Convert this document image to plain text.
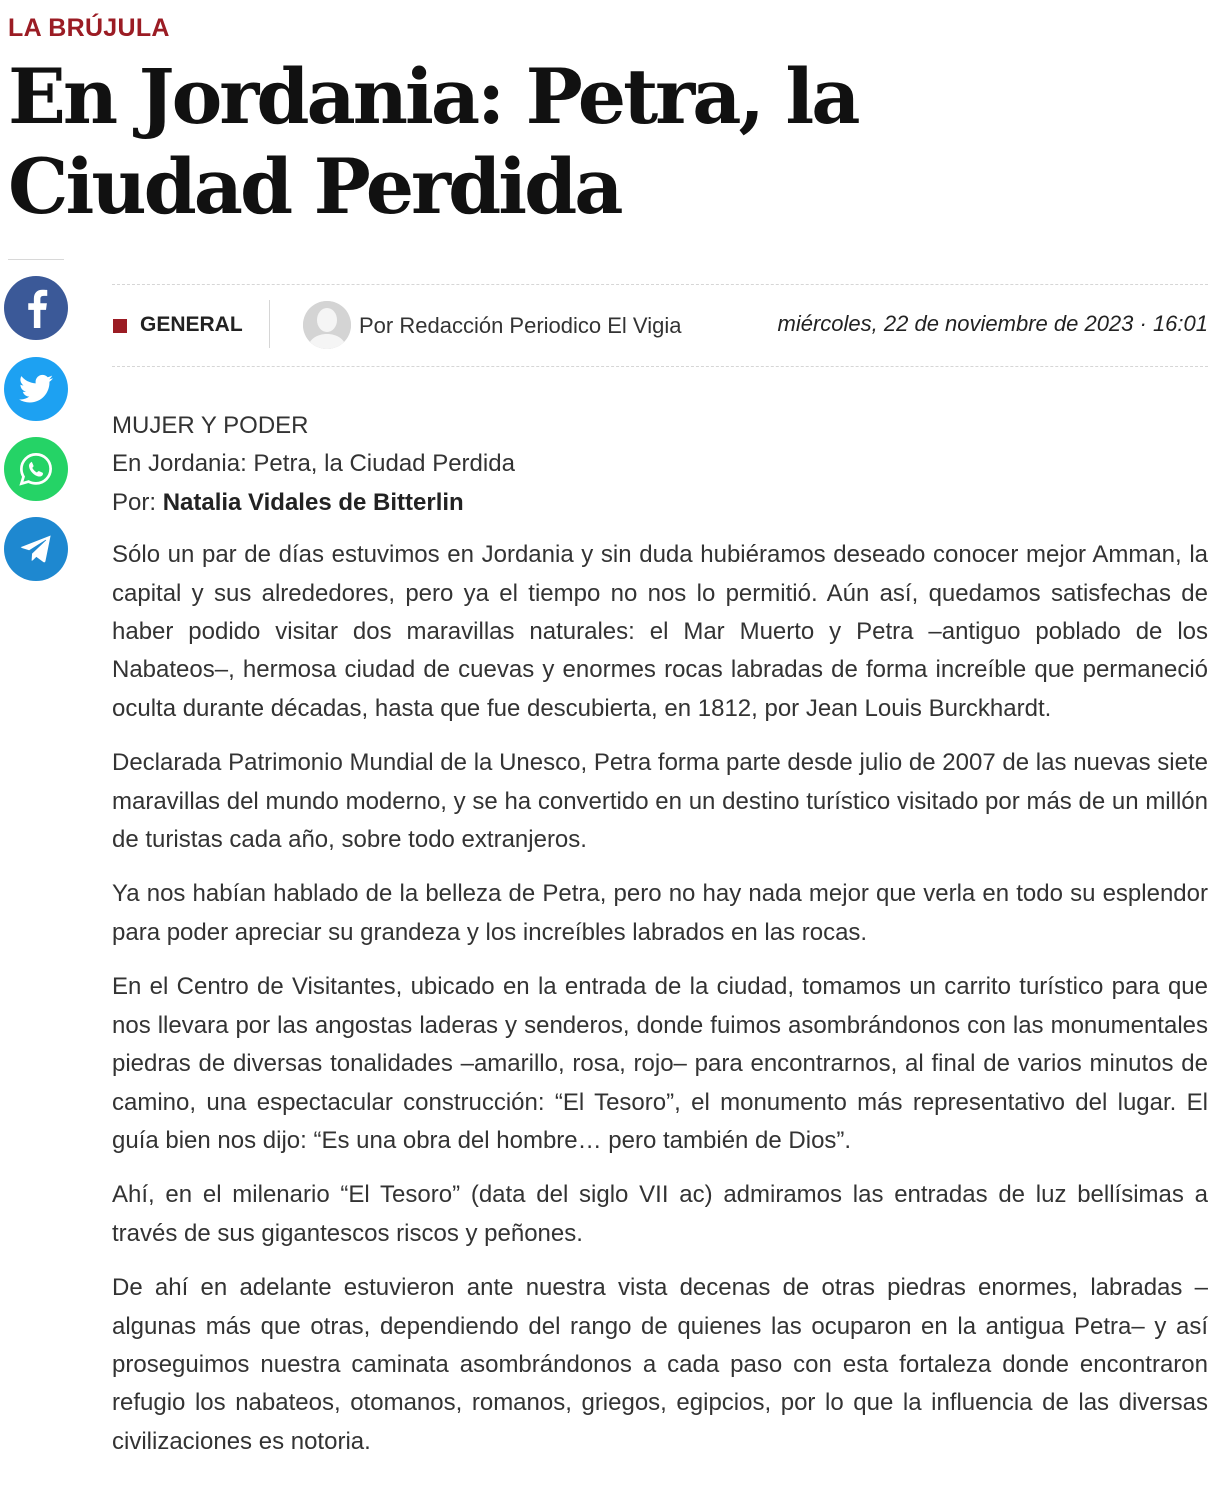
LA BRÚJULA
En Jordania: Petra, la Ciudad Perdida
GENERAL	Por Redacción Periodico El Vigia	miércoles, 22 de noviembre de 2023 · 16:01

MUJER Y PODER

En Jordania: Petra, la Ciudad Perdida

Por: Natalia Vidales de Bitterlin

Sólo un par de días estuvimos en Jordania y sin duda hubiéramos deseado conocer mejor Amman, la capital y sus alrededores, pero ya el tiempo no nos lo permitió. Aún así, quedamos satisfechas de haber podido visitar dos maravillas naturales: el Mar Muerto y Petra –antiguo poblado de los Nabateos–, hermosa ciudad de cuevas y enormes rocas labradas de forma increíble que permaneció oculta durante décadas, hasta que fue descubierta, en 1812, por Jean Louis Burckhardt.

Declarada Patrimonio Mundial de la Unesco, Petra forma parte desde julio de 2007 de las nuevas siete maravillas del mundo moderno, y se ha convertido en un destino turístico visitado por más de un millón de turistas cada año, sobre todo extranjeros.

Ya nos habían hablado de la belleza de Petra, pero no hay nada mejor que verla en todo su esplendor para poder apreciar su grandeza y los increíbles labrados en las rocas.

En el Centro de Visitantes, ubicado en la entrada de la ciudad, tomamos un carrito turístico para que nos llevara por las angostas laderas y senderos, donde fuimos asombrándonos con las monumentales piedras de diversas tonalidades –amarillo, rosa, rojo– para encontrarnos, al final de varios minutos de camino, una espectacular construcción: “El Tesoro”, el monumento más representativo del lugar. El guía bien nos dijo: “Es una obra del hombre… pero también de Dios”.

Ahí, en el milenario “El Tesoro” (data del siglo VII ac) admiramos las entradas de luz bellísimas a través de sus gigantescos riscos y peñones.

De ahí en adelante estuvieron ante nuestra vista decenas de otras piedras enormes, labradas –algunas más que otras, dependiendo del rango de quienes las ocuparon en la antigua Petra– y así proseguimos nuestra caminata asombrándonos a cada paso con esta fortaleza donde encontraron refugio los nabateos, otomanos, romanos, griegos, egipcios, por lo que la influencia de las diversas civilizaciones es notoria.
